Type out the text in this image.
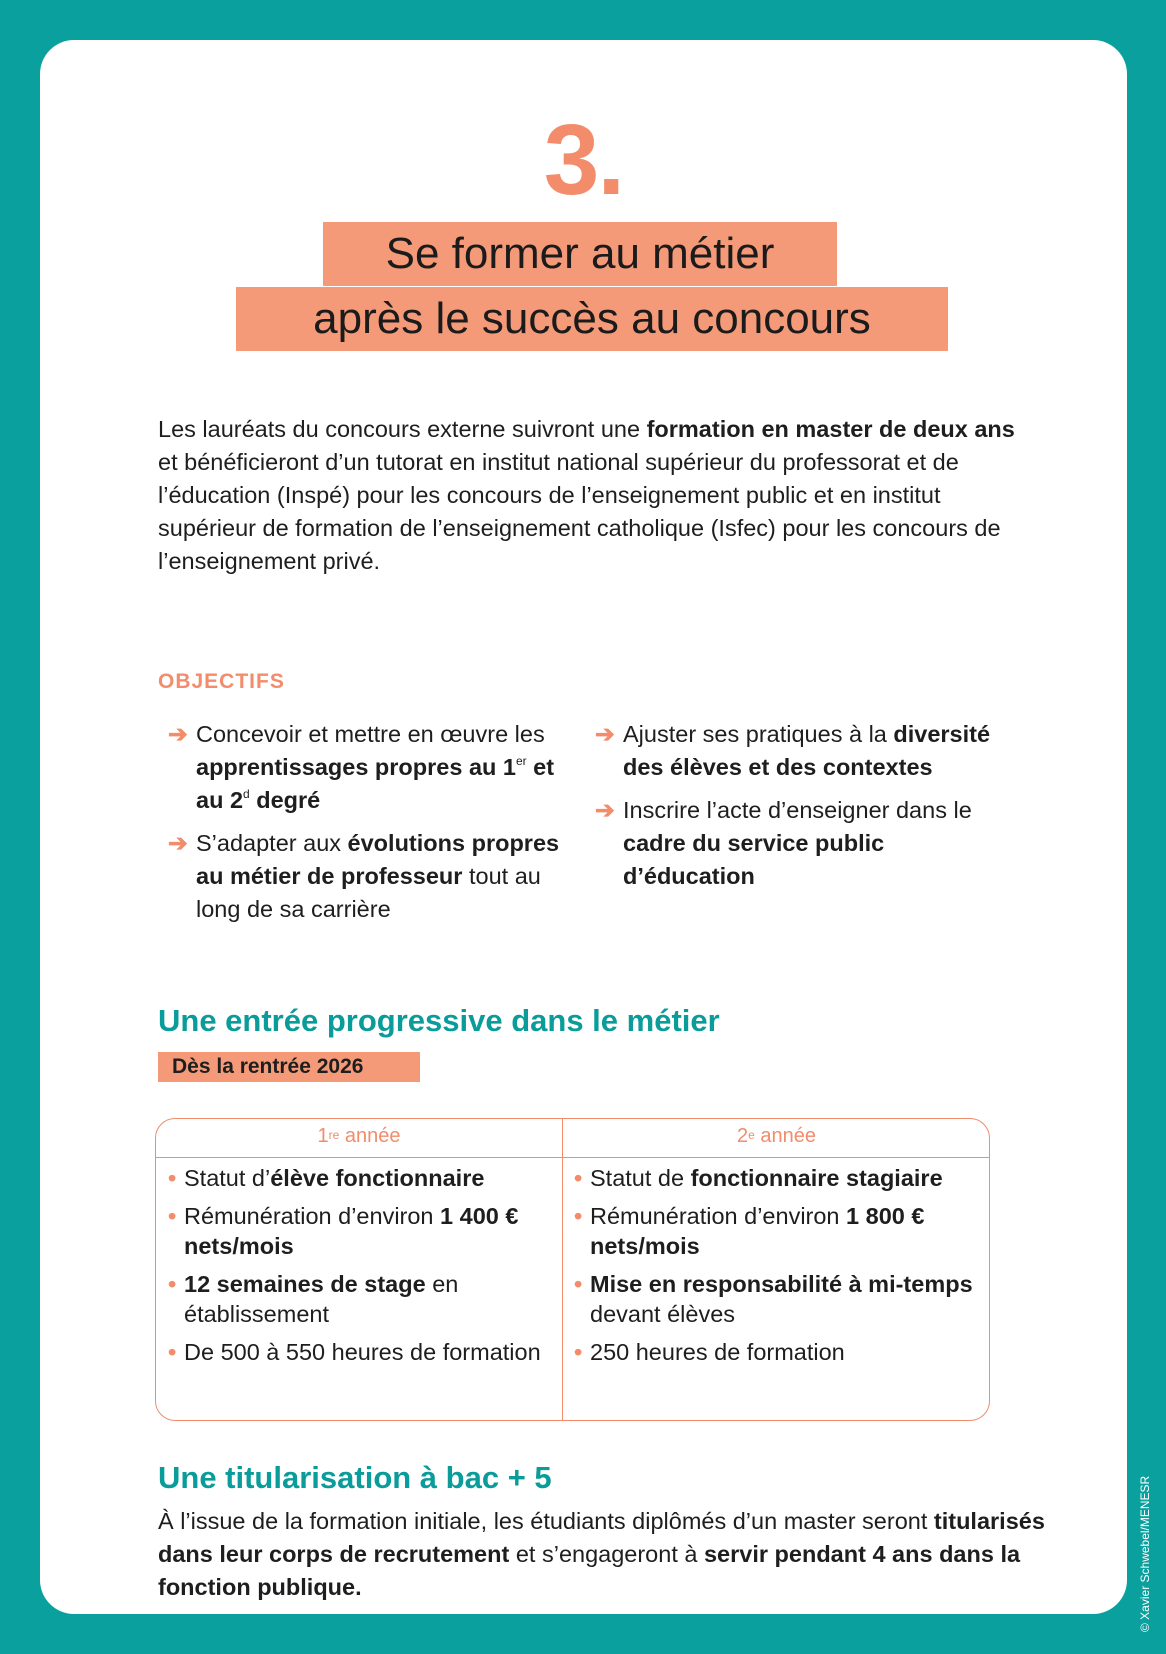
3.
Se former au métier
après le succès au concours

Les lauréats du concours externe suivront une formation en master de deux ans et bénéficieront d’un tutorat en institut national supérieur du professorat et de l’éducation (Inspé) pour les concours de l’enseignement public et en institut supérieur de formation de l’enseignement catholique (Isfec) pour les concours de l’enseignement privé.

OBJECTIFS
➔ Concevoir et mettre en œuvre les apprentissages propres au 1er et au 2$^d$ degré
➔ S’adapter aux évolutions propres au métier de professeur tout au long de sa carrière
➔ Ajuster ses pratiques à la diversité des élèves et des contextes
➔ Inscrire l’acte d’enseigner dans le cadre du service public d’éducation
Une entrée progressive dans le métier
Dès la rentrée 2026
1re année	2e année
• Statut d’élève fonctionnaire
• Rémunération d’environ 1 400 € nets/mois
• 12 semaines de stage en établissement
• De 500 à 550 heures de formation
• Statut de fonctionnaire stagiaire
• Rémunération d’environ 1 800 € nets/mois
• Mise en responsabilité à mi-temps devant élèves
• 250 heures de formation
Une titularisation à bac + 5

À l’issue de la formation initiale, les étudiants diplômés d’un master seront titularisés dans leur corps de recrutement et s’engageront à servir pendant 4 ans dans la fonction publique.	© Xavier Schwebel/MENESR
